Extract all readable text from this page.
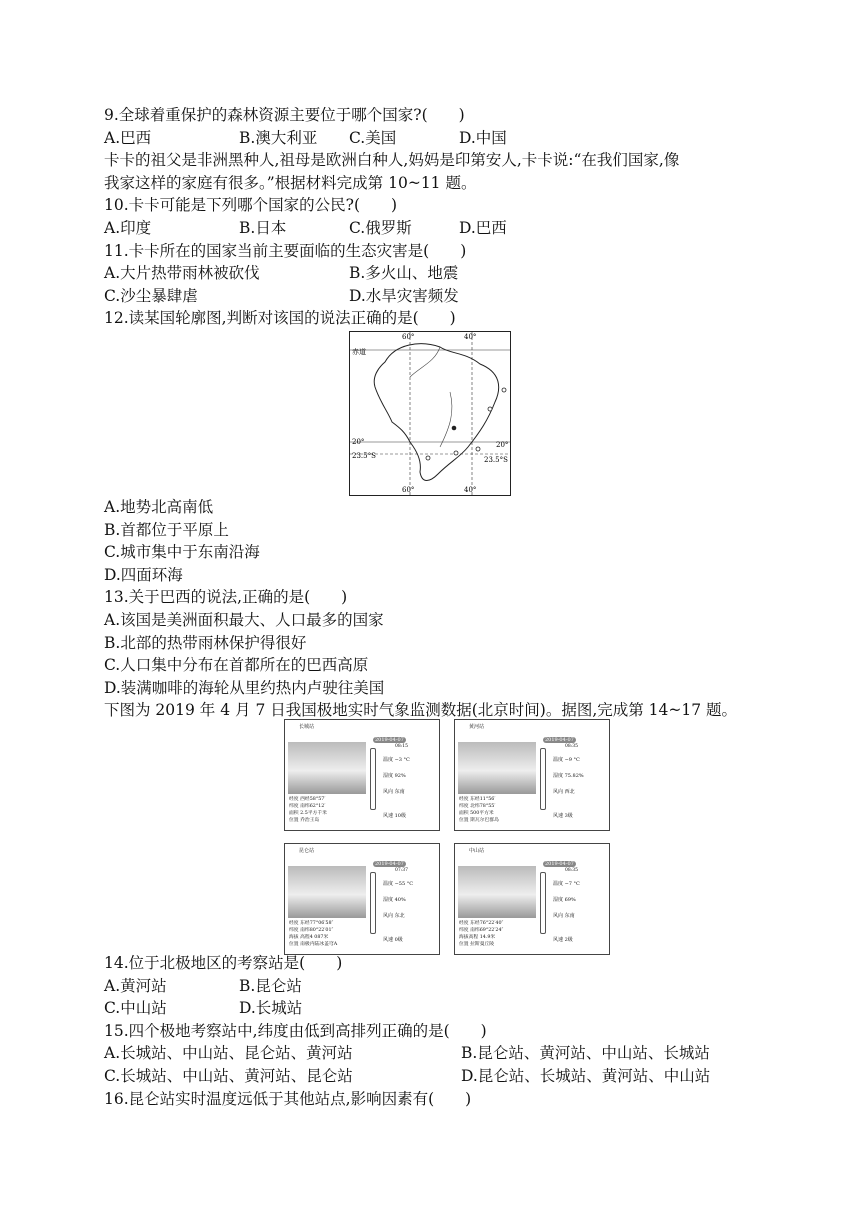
9.全球着重保护的森林资源主要位于哪个国家?(　　)
A.巴西	B.澳大利亚 C.美国	D.中国
卡卡的祖父是非洲黑种人,祖母是欧洲白种人,妈妈是印第安人,卡卡说:“在我们国家,像
我家这样的家庭有很多。”根据材料完成第 10~11 题。
10.卡卡可能是下列哪个国家的公民?(　　)
A.印度	B.日本	C.俄罗斯	D.巴西
11.卡卡所在的国家当前主要面临的生态灾害是(　　)
A.大片热带雨林被砍伐	B.多火山、地震
C.沙尘暴肆虐	D.水旱灾害频发
12.读某国轮廓图,判断对该国的说法正确的是(　　)
赤道
60°	40°
20°	20°
23.5°S	23.5°S
60°	40°
A.地势北高南低
B.首都位于平原上
C.城市集中于东南沿海
D.四面环海
13.关于巴西的说法,正确的是(　　)
A.该国是美洲面积最大、人口最多的国家
B.北部的热带雨林保护得很好
C.人口集中分布在首都所在的巴西高原
D.装满咖啡的海轮从里约热内卢驶往美国
下图为 2019 年 4 月 7 日我国极地实时气象监测数据(北京时间)。据图,完成第 14~17 题。
长城站
2019-04-07
08:15
温度 −3 °C
湿度 92%
风向 东南
风速 10级
经度 西经58°57′
纬度 南纬62°12′
面积 2.5平方千米
位置 乔治王岛
黄河站
2019-04-07
08:35
温度 −9 °C
湿度 75.82%
风向 西北
风速 3级
经度 东经11°56′
纬度 北纬78°55′
面积 500平方米
位置 斯瓦尔巴群岛
昆仑站
2019-04-07
07:37
温度 −55 °C
湿度 40%
风向 东北
风速 0级
经度 东经77°06′58″
纬度 南纬80°22′01″
海拔 高程4 087米
位置 南极内陆冰盖穹A
中山站
2019-04-07
08:35
温度 −7 °C
湿度 69%
风向 东南
风速 2级
经度 东经76°22′40″
纬度 南纬69°22′24″
海拔高程 14.9米
位置 拉斯曼丘陵
14.位于北极地区的考察站是(　　)
A.黄河站	B.昆仑站
C.中山站	D.长城站
15.四个极地考察站中,纬度由低到高排列正确的是(　　)
A.长城站、中山站、昆仑站、黄河站	B.昆仑站、黄河站、中山站、长城站
C.长城站、中山站、黄河站、昆仑站	D.昆仑站、长城站、黄河站、中山站
16.昆仑站实时温度远低于其他站点,影响因素有(　　)
